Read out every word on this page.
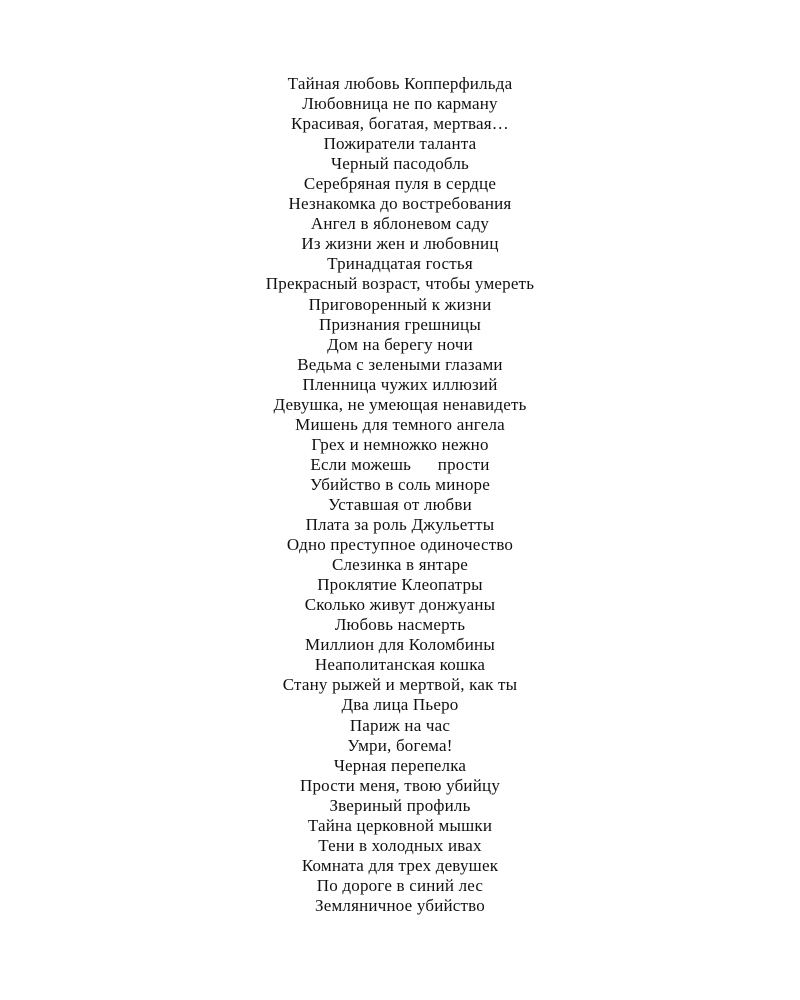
Тайная любовь Копперфильда
Любовница не по карману
Красивая, богатая, мертвая…
Пожиратели таланта
Черный пасодобль
Серебряная пуля в сердце
Незнакомка до востребования
Ангел в яблоневом саду
Из жизни жен и любовниц
Тринадцатая гостья
Прекрасный возраст, чтобы умереть
Приговоренный к жизни
Признания грешницы
Дом на берегу ночи
Ведьма с зелеными глазами
Пленница чужих иллюзий
Девушка, не умеющая ненавидеть
Мишень для темного ангела
Грех и немножко нежно
Если можешь      прости
Убийство в соль миноре
Уставшая от любви
Плата за роль Джульетты
Одно преступное одиночество
Слезинка в янтаре
Проклятие Клеопатры
Сколько живут донжуаны
Любовь насмерть
Миллион для Коломбины
Неаполитанская кошка
Стану рыжей и мертвой, как ты
Два лица Пьеро
Париж на час
Умри, богема!
Черная перепелка
Прости меня, твою убийцу
Звериный профиль
Тайна церковной мышки
Тени в холодных ивах
Комната для трех девушек
По дороге в синий лес
Земляничное убийство
